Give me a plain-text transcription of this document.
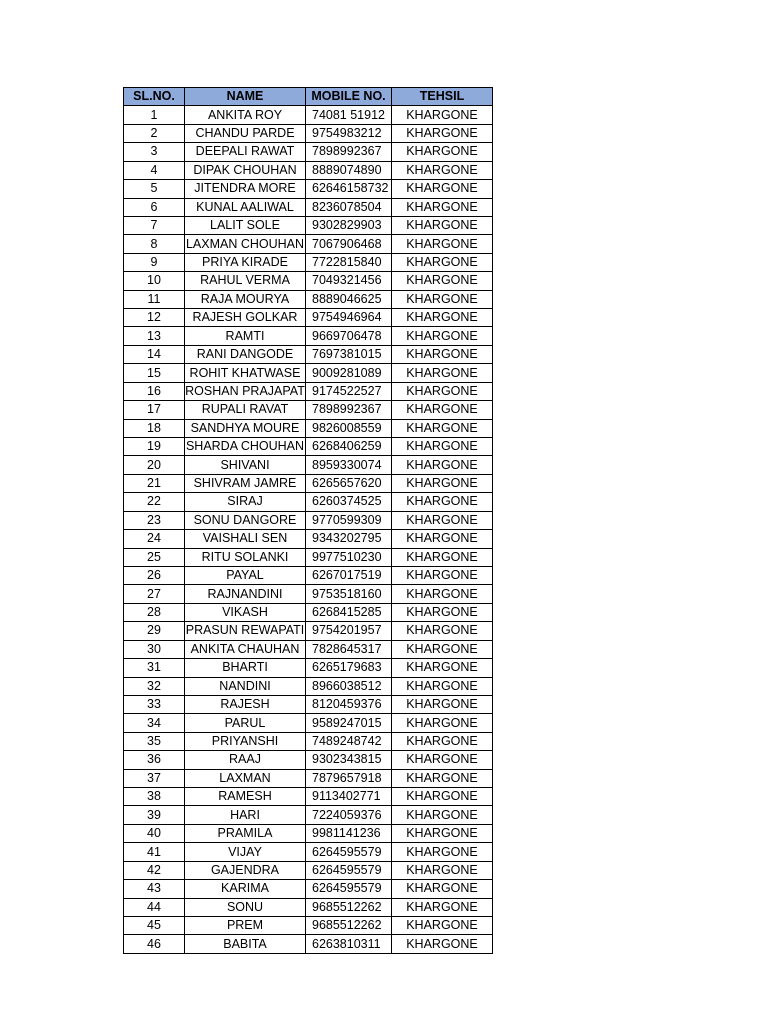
SL.NO.	NAME	MOBILE NO.	TEHSIL
1	ANKITA ROY	74081 51912	KHARGONE
2	CHANDU PARDE	9754983212	KHARGONE
3	DEEPALI RAWAT	7898992367	KHARGONE
4	DIPAK CHOUHAN	8889074890	KHARGONE
5	JITENDRA MORE	62646158732	KHARGONE
6	KUNAL AALIWAL	8236078504	KHARGONE
7	LALIT SOLE	9302829903	KHARGONE
8	LAXMAN CHOUHAN	7067906468	KHARGONE
9	PRIYA KIRADE	7722815840	KHARGONE
10	RAHUL VERMA	7049321456	KHARGONE
11	RAJA MOURYA	8889046625	KHARGONE
12	RAJESH GOLKAR	9754946964	KHARGONE
13	RAMTI	9669706478	KHARGONE
14	RANI DANGODE	7697381015	KHARGONE
15	ROHIT KHATWASE	9009281089	KHARGONE
16	ROSHAN PRAJAPAT	9174522527	KHARGONE
17	RUPALI RAVAT	7898992367	KHARGONE
18	SANDHYA MOURE	9826008559	KHARGONE
19	SHARDA CHOUHAN	6268406259	KHARGONE
20	SHIVANI	8959330074	KHARGONE
21	SHIVRAM JAMRE	6265657620	KHARGONE
22	SIRAJ	6260374525	KHARGONE
23	SONU DANGORE	9770599309	KHARGONE
24	VAISHALI SEN	9343202795	KHARGONE
25	RITU SOLANKI	9977510230	KHARGONE
26	PAYAL	6267017519	KHARGONE
27	RAJNANDINI	9753518160	KHARGONE
28	VIKASH	6268415285	KHARGONE
29	PRASUN REWAPATI	9754201957	KHARGONE
30	ANKITA CHAUHAN	7828645317	KHARGONE
31	BHARTI	6265179683	KHARGONE
32	NANDINI	8966038512	KHARGONE
33	RAJESH	8120459376	KHARGONE
34	PARUL	9589247015	KHARGONE
35	PRIYANSHI	7489248742	KHARGONE
36	RAAJ	9302343815	KHARGONE
37	LAXMAN	7879657918	KHARGONE
38	RAMESH	9113402771	KHARGONE
39	HARI	7224059376	KHARGONE
40	PRAMILA	9981141236	KHARGONE
41	VIJAY	6264595579	KHARGONE
42	GAJENDRA	6264595579	KHARGONE
43	KARIMA	6264595579	KHARGONE
44	SONU	9685512262	KHARGONE
45	PREM	9685512262	KHARGONE
46	BABITA	6263810311	KHARGONE
